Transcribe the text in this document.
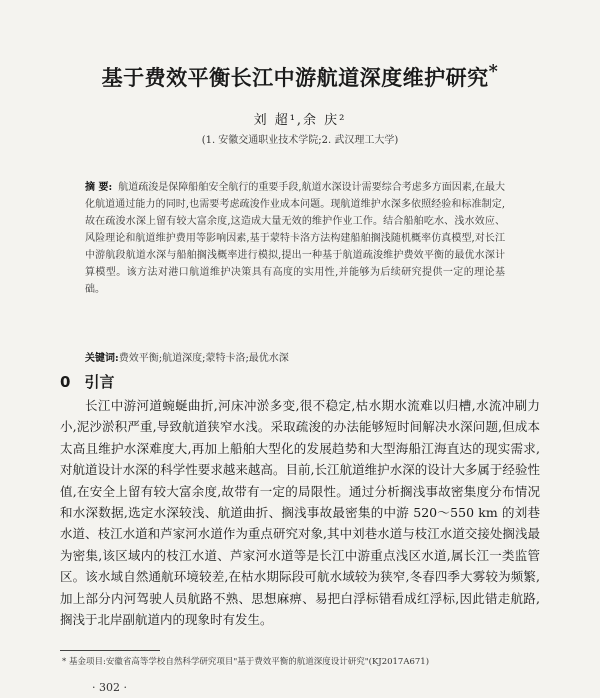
基于费效平衡长江中游航道深度维护研究*
刘 超¹,余 庆²
(1. 安徽交通职业技术学院;2. 武汉理工大学)
摘 要: 航道疏浚是保障船舶安全航行的重要手段,航道水深设计需要综合考虑多方面因素,在最大化航道通过能力的同时,也需要考虑疏浚作业成本问题。现航道维护水深多依照经验和标准制定,故在疏浚水深上留有较大富余度,这造成大量无效的维护作业工作。结合船舶吃水、浅水效应、风险理论和航道维护费用等影响因素,基于蒙特卡洛方法构建船舶搁浅随机概率仿真模型,对长江中游航段航道水深与船舶搁浅概率进行模拟,提出一种基于航道疏浚维护费效平衡的最优水深计算模型。该方法对港口航道维护决策具有高度的实用性,并能够为后续研究提供一定的理论基础。
关键词:费效平衡;航道深度;蒙特卡洛;最优水深
0 引言

长江中游河道蜿蜒曲折,河床冲淤多变,很不稳定,枯水期水流难以归槽,水流冲刷力小,泥沙淤积严重,导致航道狭窄水浅。采取疏浚的办法能够短时间解决水深问题,但成本太高且维护水深难度大,再加上船舶大型化的发展趋势和大型海船江海直达的现实需求,对航道设计水深的科学性要求越来越高。目前,长江航道维护水深的设计大多属于经验性值,在安全上留有较大富余度,故带有一定的局限性。通过分析搁浅事故密集度分布情况和水深数据,选定水深较浅、航道曲折、搁浅事故最密集的中游 520～550 km 的刘巷水道、枝江水道和芦家河水道作为重点研究对象,其中刘巷水道与枝江水道交接处搁浅最为密集,该区域内的枝江水道、芦家河水道等是长江中游重点浅区水道,属长江一类监管区。该水域自然通航环境较差,在枯水期际段可航水域较为狭窄,冬春四季大雾较为频繁,加上部分内河驾驶人员航路不熟、思想麻痹、易把白浮标错看成红浮标,因此错走航路,搁浅于北岸副航道内的现象时有发生。

* 基金项目:安徽省高等学校自然科学研究项目"基于费效平衡的航道深度设计研究"(KJ2017A671)
· 302 ·
